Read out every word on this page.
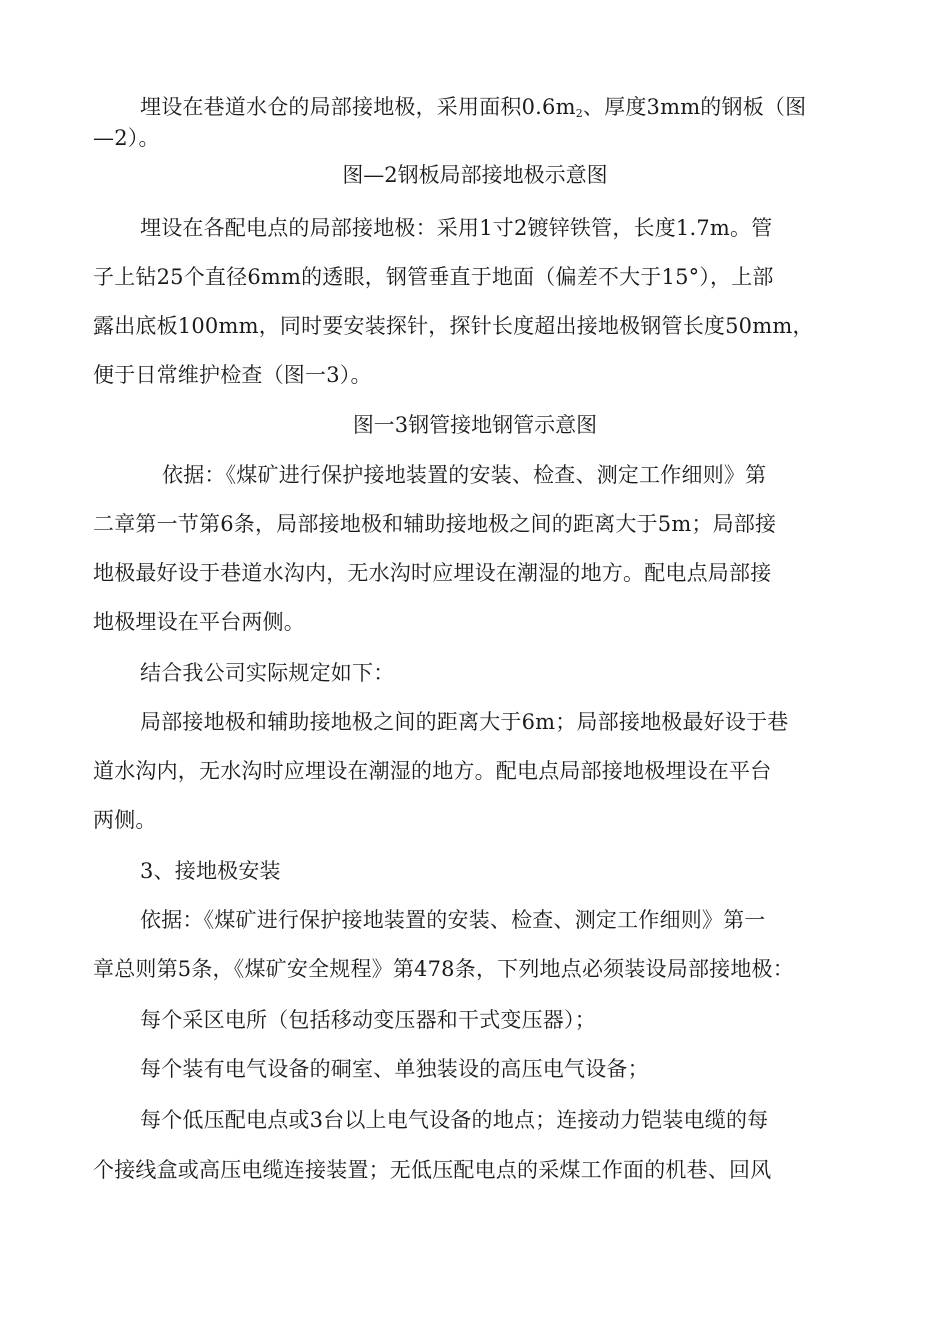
埋设在巷道水仓的局部接地极，采用面积$0.6m_2$、厚度3mm的钢板（图
—2）。
图—2钢板局部接地极示意图
埋设在各配电点的局部接地极：采用1寸2镀锌铁管，长度1.7m。管
子上钻25个直径6mm的透眼，钢管垂直于地面（偏差不大于15°），上部
露出底板100mm，同时要安装探针，探针长度超出接地极钢管长度50mm，
便于日常维护检查（图一3）。
图一3钢管接地钢管示意图
依据：《煤矿进行保护接地装置的安装、检查、测定工作细则》第
二章第一节第6条，局部接地极和辅助接地极之间的距离大于5m；局部接
地极最好设于巷道水沟内，无水沟时应埋设在潮湿的地方。配电点局部接
地极埋设在平台两侧。
结合我公司实际规定如下：
局部接地极和辅助接地极之间的距离大于6m；局部接地极最好设于巷
道水沟内，无水沟时应埋设在潮湿的地方。配电点局部接地极埋设在平台
两侧。
3、接地极安装
依据：《煤矿进行保护接地装置的安装、检查、测定工作细则》第一
章总则第5条，《煤矿安全规程》第478条，下列地点必须装设局部接地极：
每个采区电所（包括移动变压器和干式变压器）；
每个装有电气设备的硐室、单独装设的高压电气设备；
每个低压配电点或3台以上电气设备的地点；连接动力铠装电缆的每
个接线盒或高压电缆连接装置；无低压配电点的采煤工作面的机巷、回风
